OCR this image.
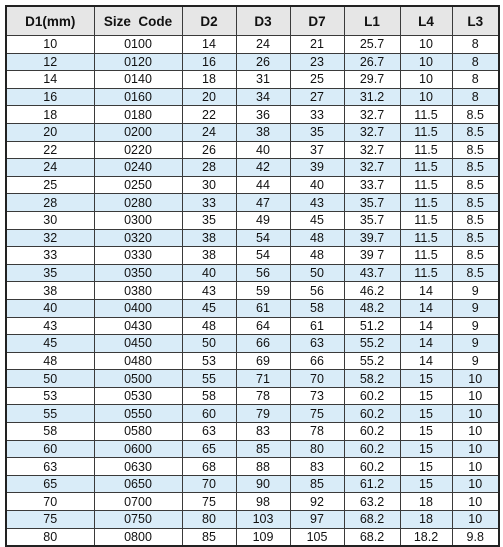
D1(mm)	Size  Code	D2	D3	D7	L1	L4	L3
10	0100	14	24	21	25.7	10	8
12	0120	16	26	23	26.7	10	8
14	0140	18	31	25	29.7	10	8
16	0160	20	34	27	31.2	10	8
18	0180	22	36	33	32.7	11.5	8.5
20	0200	24	38	35	32.7	11.5	8.5
22	0220	26	40	37	32.7	11.5	8.5
24	0240	28	42	39	32.7	11.5	8.5
25	0250	30	44	40	33.7	11.5	8.5
28	0280	33	47	43	35.7	11.5	8.5
30	0300	35	49	45	35.7	11.5	8.5
32	0320	38	54	48	39.7	11.5	8.5
33	0330	38	54	48	39 7	11.5	8.5
35	0350	40	56	50	43.7	11.5	8.5
38	0380	43	59	56	46.2	14	9
40	0400	45	61	58	48.2	14	9
43	0430	48	64	61	51.2	14	9
45	0450	50	66	63	55.2	14	9
48	0480	53	69	66	55.2	14	9
50	0500	55	71	70	58.2	15	10
53	0530	58	78	73	60.2	15	10
55	0550	60	79	75	60.2	15	10
58	0580	63	83	78	60.2	15	10
60	0600	65	85	80	60.2	15	10
63	0630	68	88	83	60.2	15	10
65	0650	70	90	85	61.2	15	10
70	0700	75	98	92	63.2	18	10
75	0750	80	103	97	68.2	18	10
80	0800	85	109	105	68.2	18.2	9.8
